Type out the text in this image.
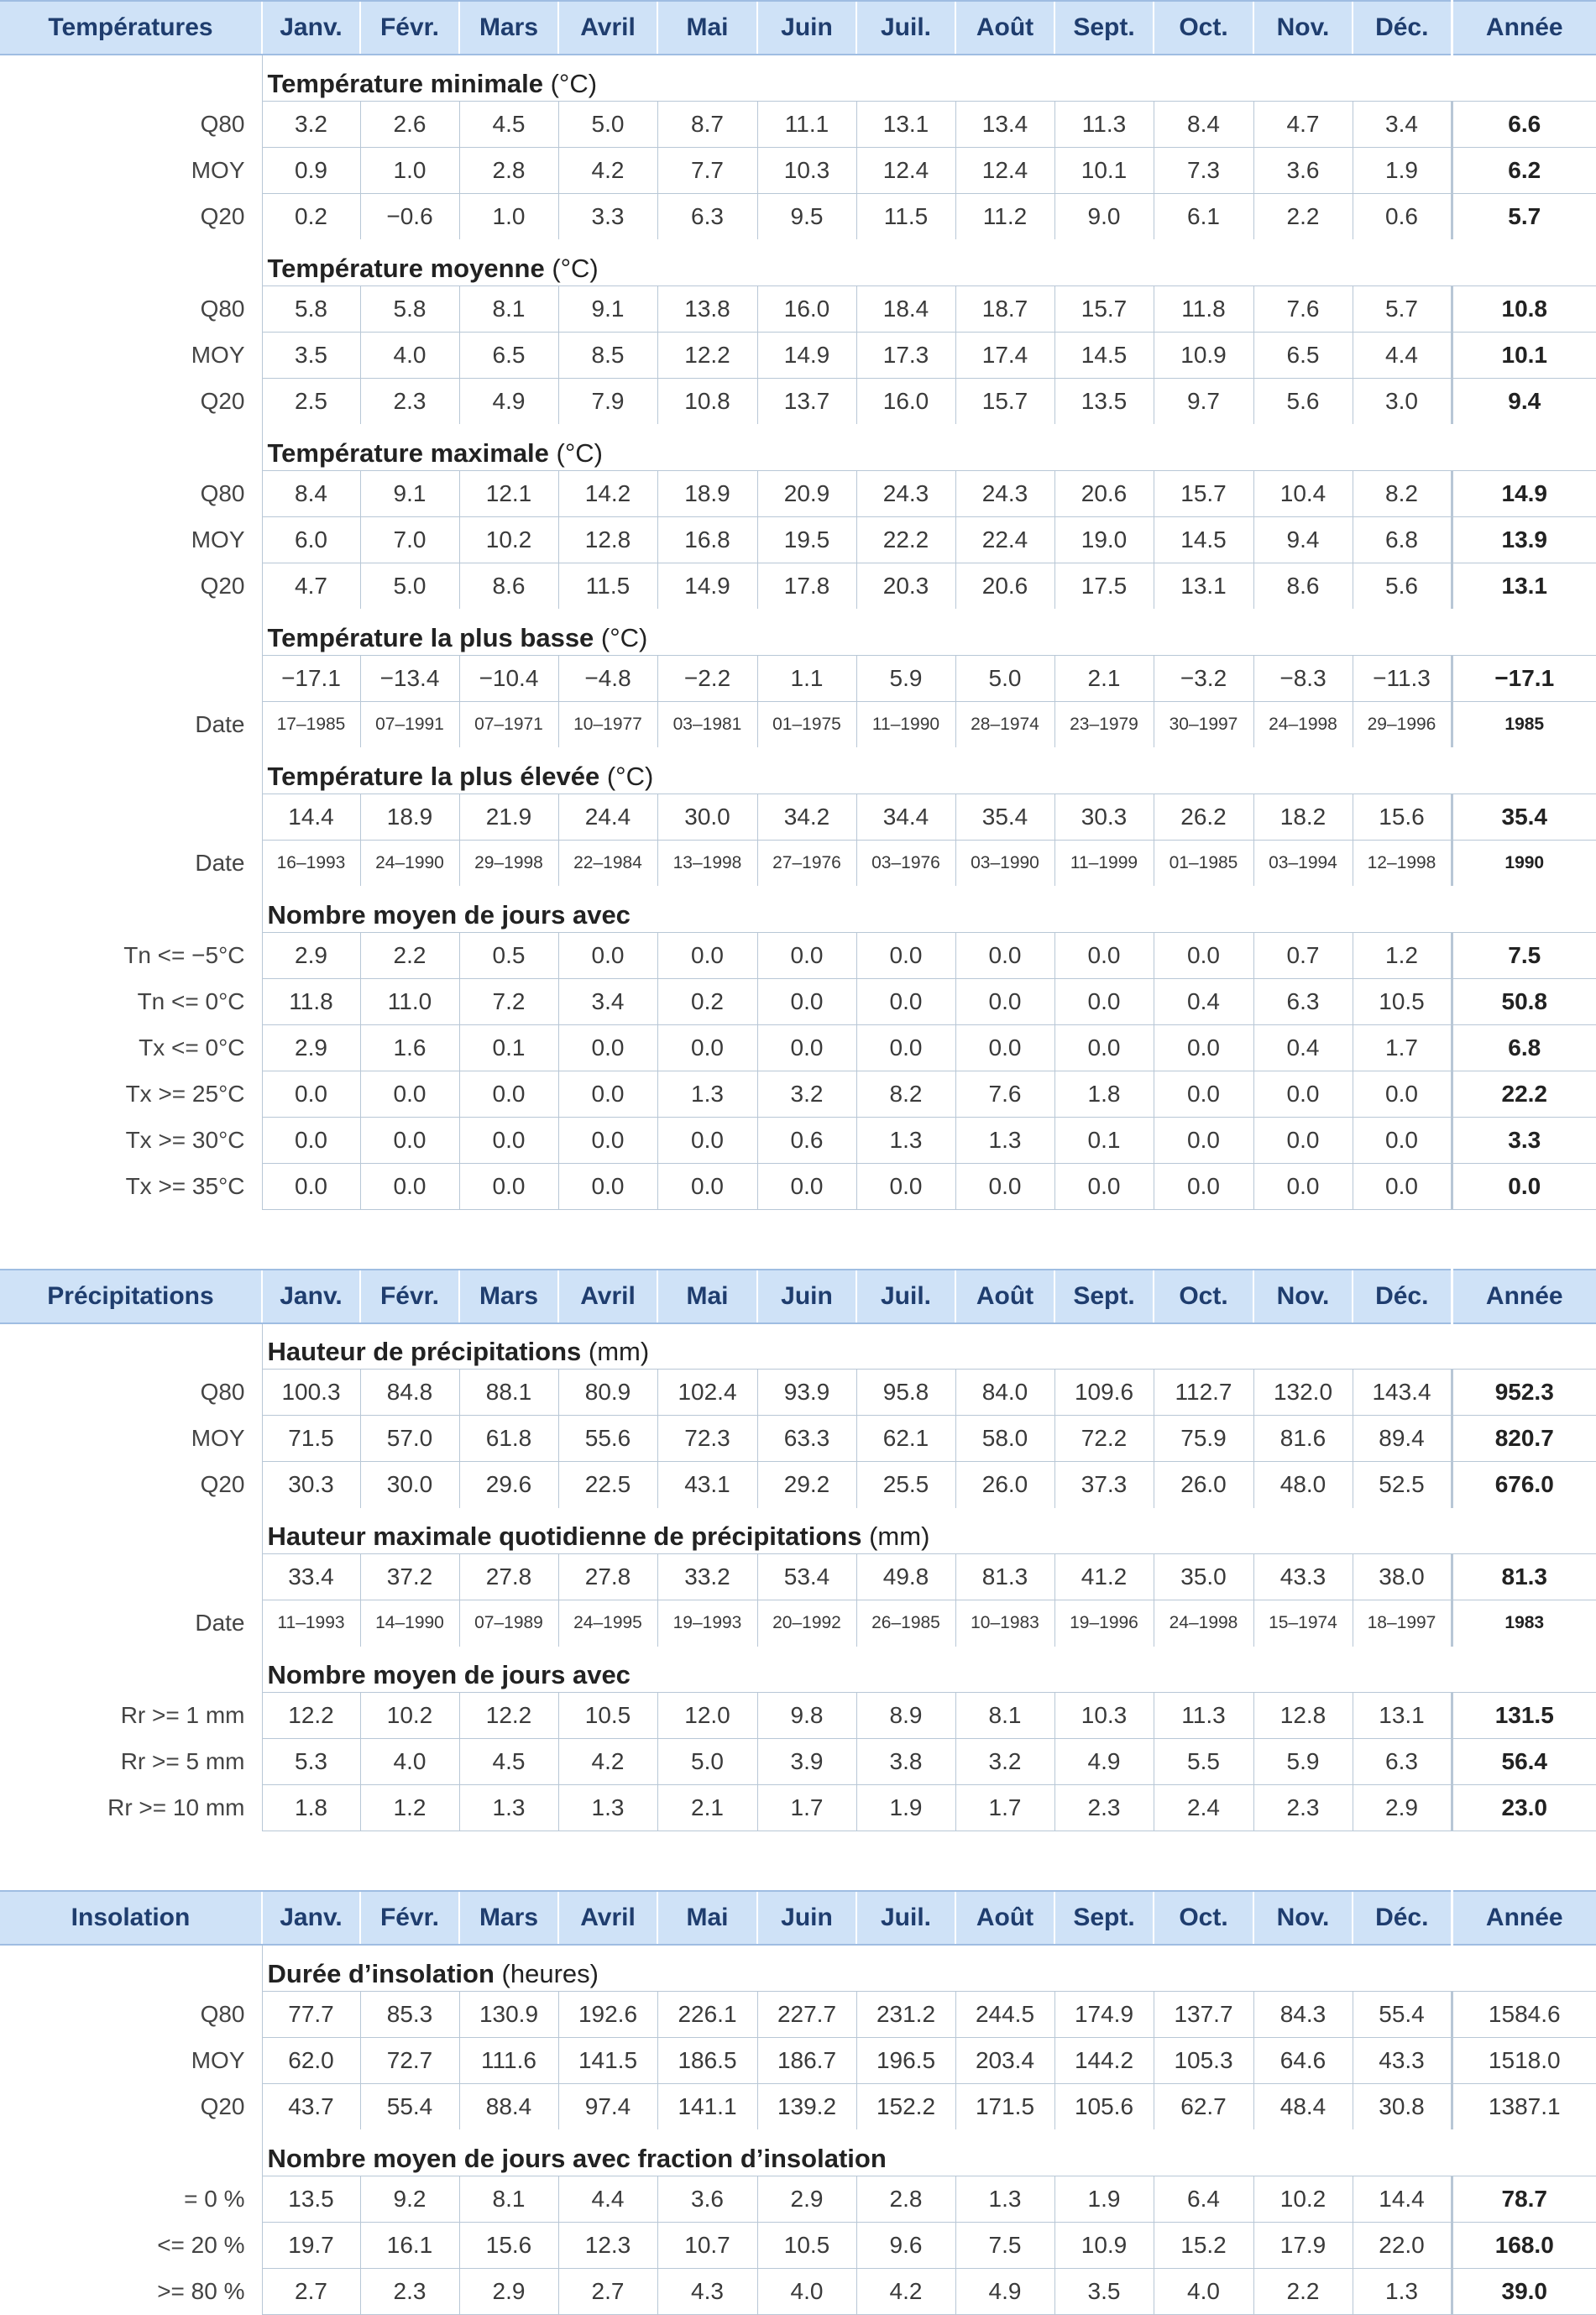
Températures	Janv.	Févr.	Mars	Avril	Mai	Juin	Juil.	Août	Sept.	Oct.	Nov.	Déc.	Année
	Température minimale (°C)												
Q80	3.2	2.6	4.5	5.0	8.7	11.1	13.1	13.4	11.3	8.4	4.7	3.4	6.6
MOY	0.9	1.0	2.8	4.2	7.7	10.3	12.4	12.4	10.1	7.3	3.6	1.9	6.2
Q20	0.2	−0.6	1.0	3.3	6.3	9.5	11.5	11.2	9.0	6.1	2.2	0.6	5.7
	Température moyenne (°C)												
Q80	5.8	5.8	8.1	9.1	13.8	16.0	18.4	18.7	15.7	11.8	7.6	5.7	10.8
MOY	3.5	4.0	6.5	8.5	12.2	14.9	17.3	17.4	14.5	10.9	6.5	4.4	10.1
Q20	2.5	2.3	4.9	7.9	10.8	13.7	16.0	15.7	13.5	9.7	5.6	3.0	9.4
	Température maximale (°C)												
Q80	8.4	9.1	12.1	14.2	18.9	20.9	24.3	24.3	20.6	15.7	10.4	8.2	14.9
MOY	6.0	7.0	10.2	12.8	16.8	19.5	22.2	22.4	19.0	14.5	9.4	6.8	13.9
Q20	4.7	5.0	8.6	11.5	14.9	17.8	20.3	20.6	17.5	13.1	8.6	5.6	13.1
	Température la plus basse (°C)												
	−17.1	−13.4	−10.4	−4.8	−2.2	1.1	5.9	5.0	2.1	−3.2	−8.3	−11.3	−17.1
Date	17–1985	07–1991	07–1971	10–1977	03–1981	01–1975	11–1990	28–1974	23–1979	30–1997	24–1998	29–1996	1985
	Température la plus élevée (°C)												
	14.4	18.9	21.9	24.4	30.0	34.2	34.4	35.4	30.3	26.2	18.2	15.6	35.4
Date	16–1993	24–1990	29–1998	22–1984	13–1998	27–1976	03–1976	03–1990	11–1999	01–1985	03–1994	12–1998	1990
	Nombre moyen de jours avec												
Tn <= −5°C	2.9	2.2	0.5	0.0	0.0	0.0	0.0	0.0	0.0	0.0	0.7	1.2	7.5
Tn <= 0°C	11.8	11.0	7.2	3.4	0.2	0.0	0.0	0.0	0.0	0.4	6.3	10.5	50.8
Tx <= 0°C	2.9	1.6	0.1	0.0	0.0	0.0	0.0	0.0	0.0	0.0	0.4	1.7	6.8
Tx >= 25°C	0.0	0.0	0.0	0.0	1.3	3.2	8.2	7.6	1.8	0.0	0.0	0.0	22.2
Tx >= 30°C	0.0	0.0	0.0	0.0	0.0	0.6	1.3	1.3	0.1	0.0	0.0	0.0	3.3
Tx >= 35°C	0.0	0.0	0.0	0.0	0.0	0.0	0.0	0.0	0.0	0.0	0.0	0.0	0.0
Précipitations	Janv.	Févr.	Mars	Avril	Mai	Juin	Juil.	Août	Sept.	Oct.	Nov.	Déc.	Année
	Hauteur de précipitations (mm)												
Q80	100.3	84.8	88.1	80.9	102.4	93.9	95.8	84.0	109.6	112.7	132.0	143.4	952.3
MOY	71.5	57.0	61.8	55.6	72.3	63.3	62.1	58.0	72.2	75.9	81.6	89.4	820.7
Q20	30.3	30.0	29.6	22.5	43.1	29.2	25.5	26.0	37.3	26.0	48.0	52.5	676.0
	Hauteur maximale quotidienne de précipitations (mm)												
	33.4	37.2	27.8	27.8	33.2	53.4	49.8	81.3	41.2	35.0	43.3	38.0	81.3
Date	11–1993	14–1990	07–1989	24–1995	19–1993	20–1992	26–1985	10–1983	19–1996	24–1998	15–1974	18–1997	1983
	Nombre moyen de jours avec												
Rr >= 1 mm	12.2	10.2	12.2	10.5	12.0	9.8	8.9	8.1	10.3	11.3	12.8	13.1	131.5
Rr >= 5 mm	5.3	4.0	4.5	4.2	5.0	3.9	3.8	3.2	4.9	5.5	5.9	6.3	56.4
Rr >= 10 mm	1.8	1.2	1.3	1.3	2.1	1.7	1.9	1.7	2.3	2.4	2.3	2.9	23.0
Insolation	Janv.	Févr.	Mars	Avril	Mai	Juin	Juil.	Août	Sept.	Oct.	Nov.	Déc.	Année
	Durée d’insolation (heures)												
Q80	77.7	85.3	130.9	192.6	226.1	227.7	231.2	244.5	174.9	137.7	84.3	55.4	1584.6
MOY	62.0	72.7	111.6	141.5	186.5	186.7	196.5	203.4	144.2	105.3	64.6	43.3	1518.0
Q20	43.7	55.4	88.4	97.4	141.1	139.2	152.2	171.5	105.6	62.7	48.4	30.8	1387.1
	Nombre moyen de jours avec fraction d’insolation												
= 0 %	13.5	9.2	8.1	4.4	3.6	2.9	2.8	1.3	1.9	6.4	10.2	14.4	78.7
<= 20 %	19.7	16.1	15.6	12.3	10.7	10.5	9.6	7.5	10.9	15.2	17.9	22.0	168.0
>= 80 %	2.7	2.3	2.9	2.7	4.3	4.0	4.2	4.9	3.5	4.0	2.2	1.3	39.0
